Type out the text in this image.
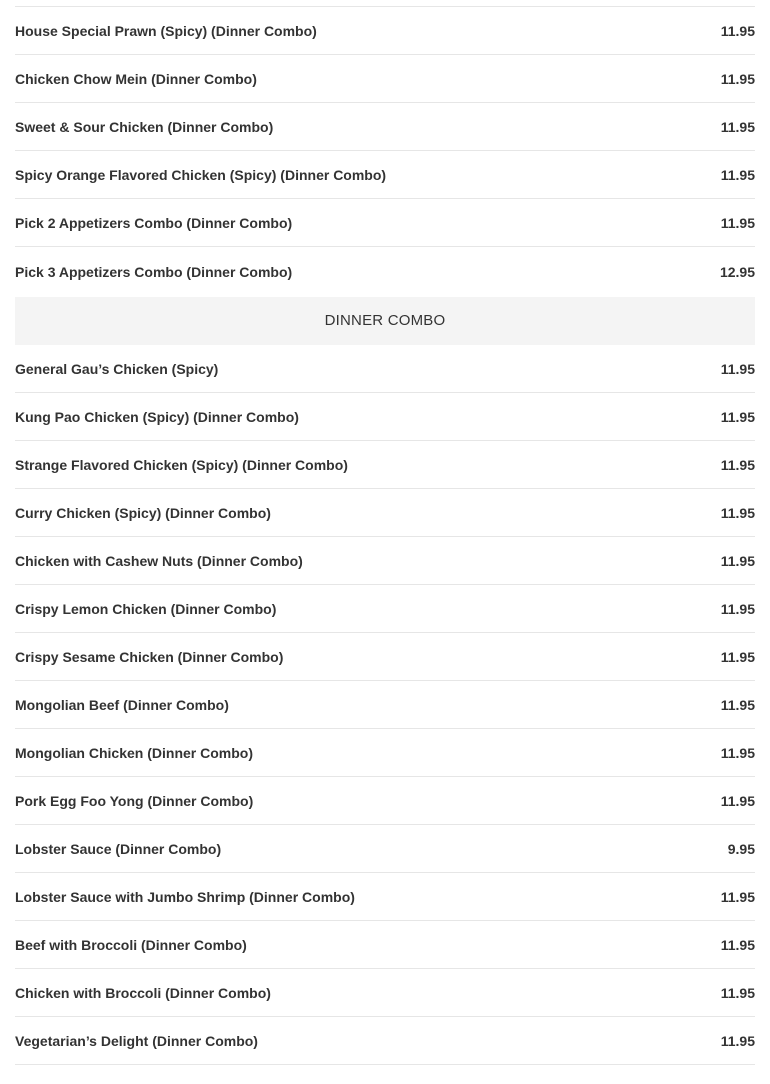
House Special Prawn (Spicy) (Dinner Combo)	11.95
Chicken Chow Mein (Dinner Combo)	11.95
Sweet & Sour Chicken (Dinner Combo)	11.95
Spicy Orange Flavored Chicken (Spicy) (Dinner Combo)	11.95
Pick 2 Appetizers Combo (Dinner Combo)	11.95
Pick 3 Appetizers Combo (Dinner Combo)	12.95
DINNER COMBO
General Gau’s Chicken (Spicy)	11.95
Kung Pao Chicken (Spicy) (Dinner Combo)	11.95
Strange Flavored Chicken (Spicy) (Dinner Combo)	11.95
Curry Chicken (Spicy) (Dinner Combo)	11.95
Chicken with Cashew Nuts (Dinner Combo)	11.95
Crispy Lemon Chicken (Dinner Combo)	11.95
Crispy Sesame Chicken (Dinner Combo)	11.95
Mongolian Beef (Dinner Combo)	11.95
Mongolian Chicken (Dinner Combo)	11.95
Pork Egg Foo Yong (Dinner Combo)	11.95
Lobster Sauce (Dinner Combo)	9.95
Lobster Sauce with Jumbo Shrimp (Dinner Combo)	11.95
Beef with Broccoli (Dinner Combo)	11.95
Chicken with Broccoli (Dinner Combo)	11.95
Vegetarian’s Delight (Dinner Combo)	11.95
